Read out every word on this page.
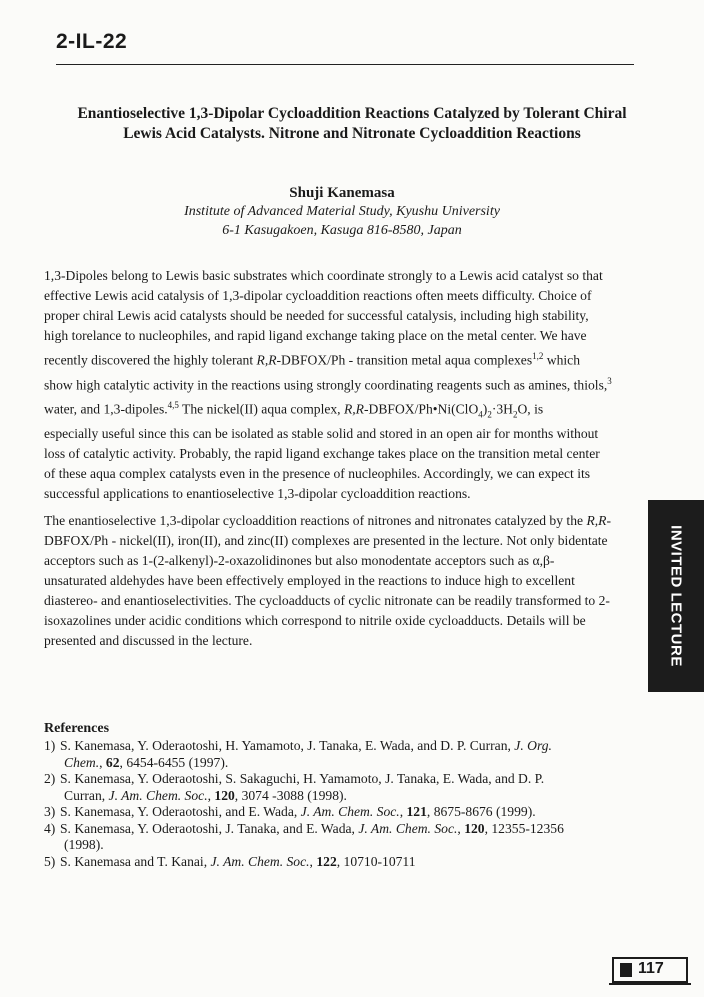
2-IL-22
Enantioselective 1,3-Dipolar Cycloaddition Reactions Catalyzed by Tolerant Chiral
Lewis Acid Catalysts. Nitrone and Nitronate Cycloaddition Reactions
Shuji Kanemasa
Institute of Advanced Material Study, Kyushu University
6-1 Kasugakoen, Kasuga 816-8580, Japan
1,3-Dipoles belong to Lewis basic substrates which coordinate strongly to a Lewis acid catalyst so that
effective Lewis acid catalysis of 1,3-dipolar cycloaddition reactions often meets difficulty. Choice of
proper chiral Lewis acid catalysts should be needed for successful catalysis, including high stability,
high torelance to nucleophiles, and rapid ligand exchange taking place on the metal center. We have
recently discovered the highly tolerant R,R-DBFOX/Ph - transition metal aqua complexes$^{1,2}$ which
show high catalytic activity in the reactions using strongly coordinating reagents such as amines, thiols,$^3$
water, and 1,3-dipoles.$^{4,5}$ The nickel(II) aqua complex, $R,R-DBFOX/Ph•Ni(ClO_4)_2\cdot 3H_2O$, is
especially useful since this can be isolated as stable solid and stored in an open air for months without
loss of catalytic activity. Probably, the rapid ligand exchange takes place on the transition metal center
of these aqua complex catalysts even in the presence of nucleophiles. Accordingly, we can expect its
successful applications to enantioselective 1,3-dipolar cycloaddition reactions.
The enantioselective 1,3-dipolar cycloaddition reactions of nitrones and nitronates catalyzed by the R,R-
DBFOX/Ph - nickel(II), iron(II), and zinc(II) complexes are presented in the lecture. Not only bidentate
acceptors such as 1-(2-alkenyl)-2-oxazolidinones but also monodentate acceptors such as α,β-
unsaturated aldehydes have been effectively employed in the reactions to induce high to excellent
diastereo- and enantioselectivities. The cycloadducts of cyclic nitronate can be readily transformed to 2-
isoxazolines under acidic conditions which correspond to nitrile oxide cycloadducts. Details will be
presented and discussed in the lecture.
References
1) S. Kanemasa, Y. Oderaotoshi, H. Yamamoto, J. Tanaka, E. Wada, and D. P. Curran, J. Org.
Chem., 62, 6454-6455 (1997).
2) S. Kanemasa, Y. Oderaotoshi, S. Sakaguchi, H. Yamamoto, J. Tanaka, E. Wada, and D. P.
Curran, J. Am. Chem. Soc., 120, 3074 -3088 (1998).
3) S. Kanemasa, Y. Oderaotoshi, and E. Wada, J. Am. Chem. Soc., 121, 8675-8676 (1999).
4) S. Kanemasa, Y. Oderaotoshi, J. Tanaka, and E. Wada, J. Am. Chem. Soc., 120, 12355-12356
(1998).
5) S. Kanemasa and T. Kanai, J. Am. Chem. Soc., 122, 10710-10711
INVITED LECTURE
117
